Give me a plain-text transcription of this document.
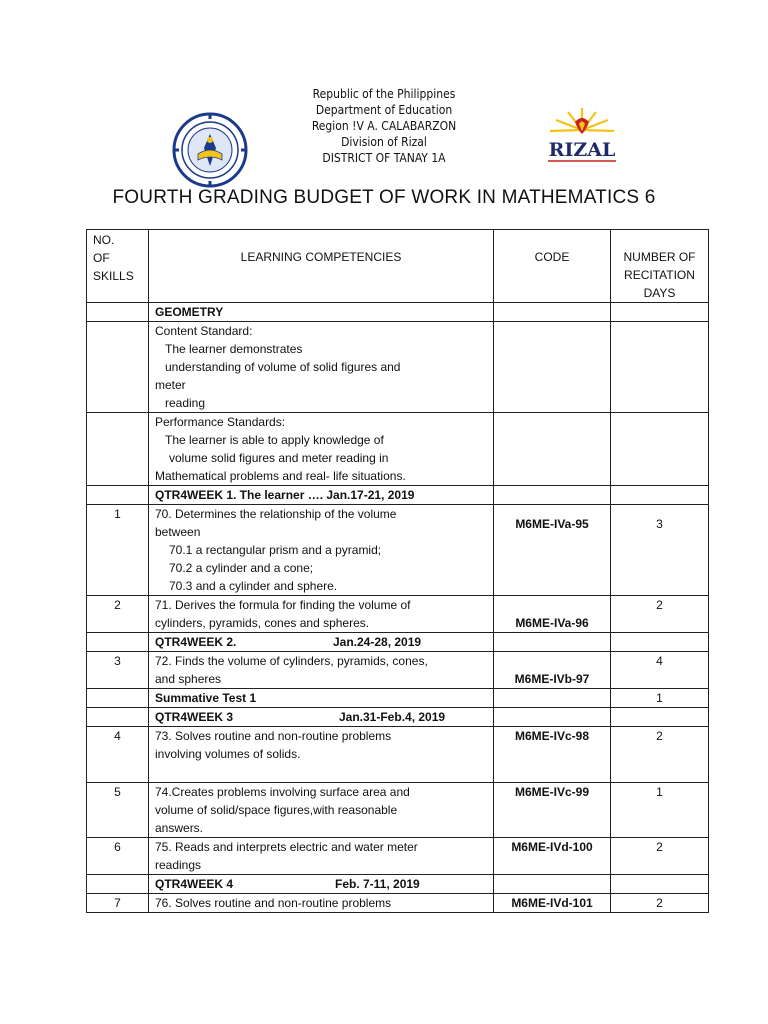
RIZAL
Republic of the Philippines
Department of Education
Region !V A. CALABARZON
Division of Rizal
DISTRICT OF TANAY 1A
FOURTH GRADING BUDGET OF WORK IN MATHEMATICS 6
NO.
OF
SKILLS	LEARNING COMPETENCIES	CODE	NUMBER OF
RECITATION
DAYS

	GEOMETRY		

	Content Standard:
The learner demonstrates
understanding of volume of solid figures and
meter
reading		

	Performance Standards:
The learner is able to apply knowledge of
volume solid figures and meter reading in
Mathematical problems and real- life situations.		

	QTR4WEEK 1. The learner …. Jan.17-21, 2019		
1	70. Determines the relationship of the volume
between
70.1 a rectangular prism and a pyramid;
70.2 a cylinder and a cone;
70.3 and a cylinder and sphere.	M6ME-IVa-95	3
2	71. Derives the formula for finding the volume of
cylinders, pyramids, cones and spheres.	M6ME-IVa-96	2
	QTR4WEEK 2. Jan.24-28, 2019		
3	72. Finds the volume of cylinders, pyramids, cones,
and spheres	M6ME-IVb-97	4
	Summative Test 1		1
	QTR4WEEK 3 Jan.31-Feb.4, 2019		
4	73. Solves routine and non-routine problems
involving volumes of solids.	M6ME-IVc-98	2
5	74.Creates problems involving surface area and
volume of solid/space figures,with reasonable
answers.	M6ME-IVc-99	1
6	75. Reads and interprets electric and water meter
readings	M6ME-IVd-100	2
	QTR4WEEK 4 Feb. 7-11, 2019		
7	76. Solves routine and non-routine problems	M6ME-IVd-101	2
